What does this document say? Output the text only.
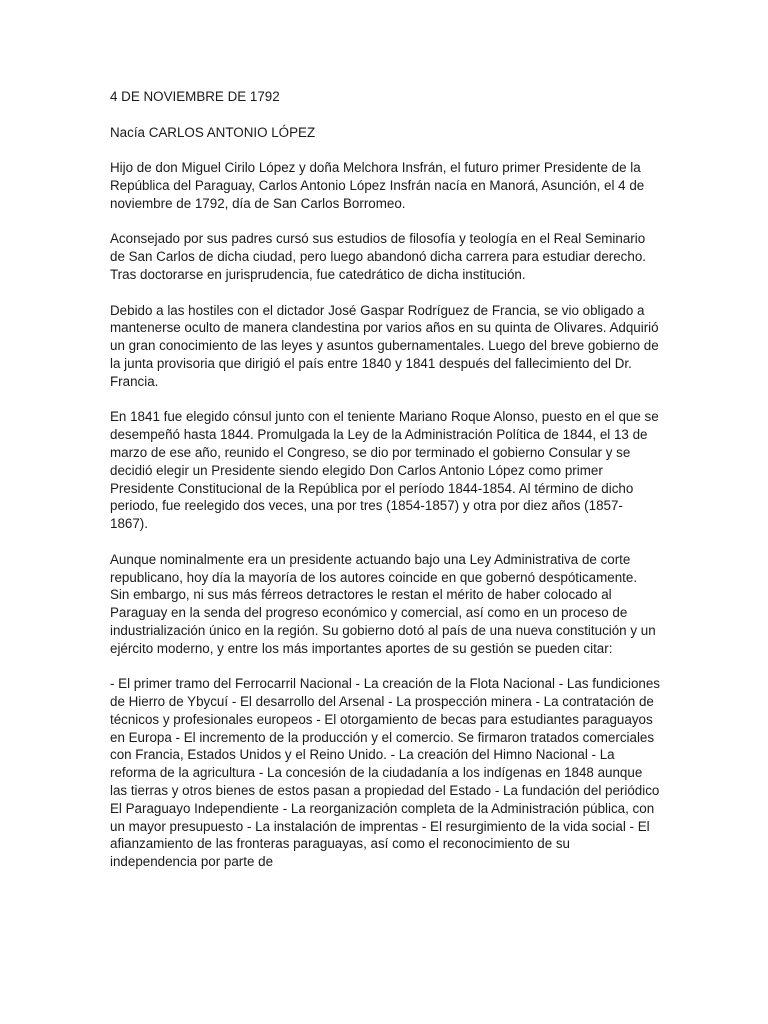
4 DE NOVIEMBRE DE 1792

Nacía CARLOS ANTONIO LÓPEZ

Hijo de don Miguel Cirilo López y doña Melchora Insfrán, el futuro primer Presidente de la República del Paraguay, Carlos Antonio López Insfrán nacía en Manorá, Asunción, el 4 de noviembre de 1792, día de San Carlos Borromeo.

Aconsejado por sus padres cursó sus estudios de filosofía y teología en el Real Seminario de San Carlos de dicha ciudad, pero luego abandonó dicha carrera para estudiar derecho. Tras doctorarse en jurisprudencia, fue catedrático de dicha institución.

Debido a las hostiles con el dictador José Gaspar Rodríguez de Francia, se vio obligado a mantenerse oculto de manera clandestina por varios años en su quinta de Olivares. Adquirió un gran conocimiento de las leyes y asuntos gubernamentales. Luego del breve gobierno de la junta provisoria que dirigió el país entre 1840 y 1841 después del fallecimiento del Dr. Francia.

En 1841 fue elegido cónsul junto con el teniente Mariano Roque Alonso, puesto en el que se desempeñó hasta 1844. Promulgada la Ley de la Administración Política de 1844, el 13 de marzo de ese año, reunido el Congreso, se dio por terminado el gobierno Consular y se decidió elegir un Presidente siendo elegido Don Carlos Antonio López como primer Presidente Constitucional de la República por el período 1844-1854. Al término de dicho periodo, fue reelegido dos veces, una por tres (1854-1857) y otra por diez años (1857-1867).

Aunque nominalmente era un presidente actuando bajo una Ley Administrativa de corte republicano, hoy día la mayoría de los autores coincide en que gobernó despóticamente. Sin embargo, ni sus más férreos detractores le restan el mérito de haber colocado al Paraguay en la senda del progreso económico y comercial, así como en un proceso de industrialización único en la región. Su gobierno dotó al país de una nueva constitución y un ejército moderno, y entre los más importantes aportes de su gestión se pueden citar:

- El primer tramo del Ferrocarril Nacional - La creación de la Flota Nacional - Las fundiciones de Hierro de Ybycuí - El desarrollo del Arsenal - La prospección minera - La contratación de técnicos y profesionales europeos - El otorgamiento de becas para estudiantes paraguayos en Europa - El incremento de la producción y el comercio. Se firmaron tratados comerciales con Francia, Estados Unidos y el Reino Unido. - La creación del Himno Nacional - La reforma de la agricultura - La concesión de la ciudadanía a los indígenas en 1848 aunque las tierras y otros bienes de estos pasan a propiedad del Estado - La fundación del periódico El Paraguayo Independiente - La reorganización completa de la Administración pública, con un mayor presupuesto - La instalación de imprentas - El resurgimiento de la vida social - El afianzamiento de las fronteras paraguayas, así como el reconocimiento de su independencia por parte de
